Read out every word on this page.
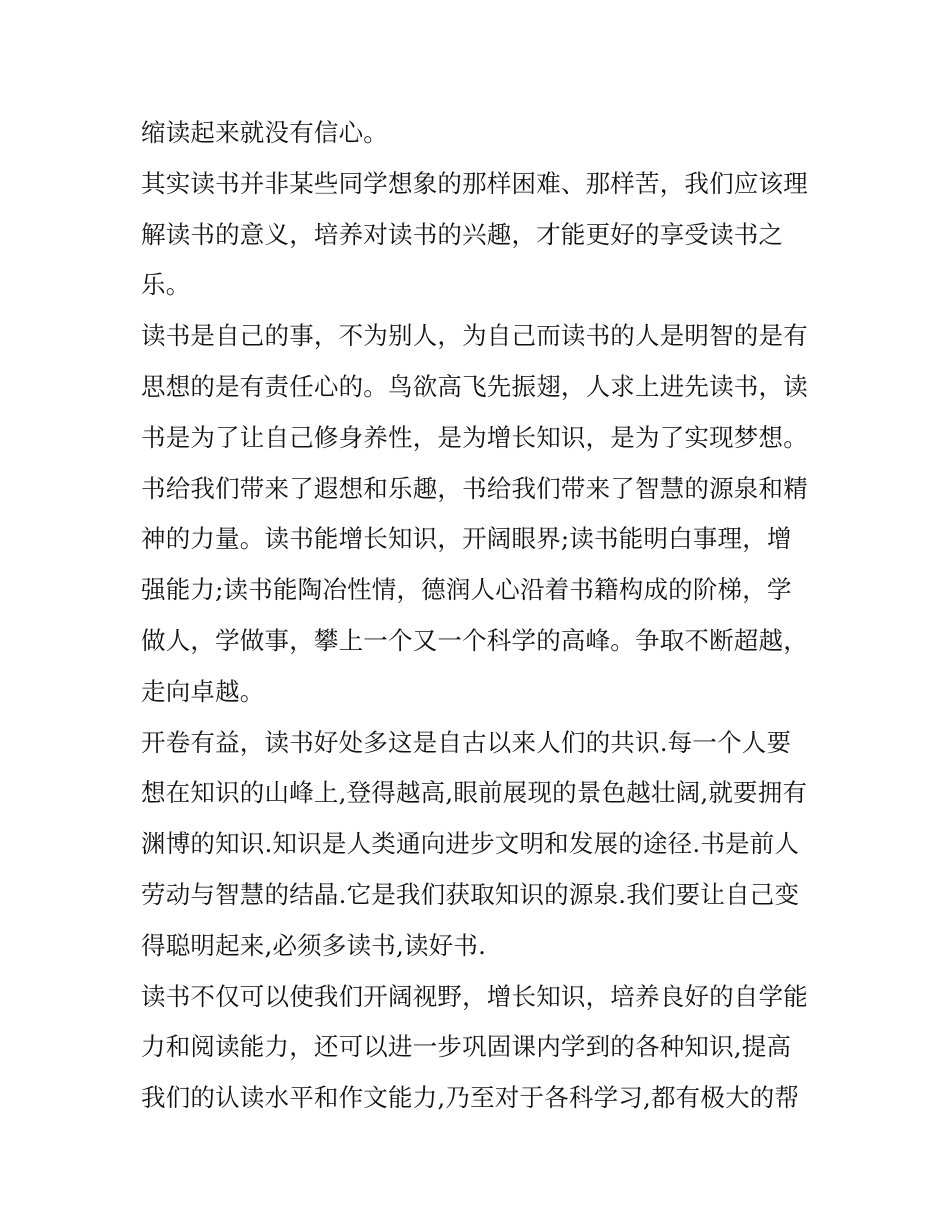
缩读起来就没有信心。
其实读书并非某些同学想象的那样困难、那样苦，我们应该理
解读书的意义，培养对读书的兴趣，才能更好的享受读书之
乐。
读书是自己的事，不为别人，为自己而读书的人是明智的是有
思想的是有责任心的。鸟欲高飞先振翅，人求上进先读书，读
书是为了让自己修身养性，是为增长知识，是为了实现梦想。
书给我们带来了遐想和乐趣，书给我们带来了智慧的源泉和精
神的力量。读书能增长知识，开阔眼界;读书能明白事理，增
强能力;读书能陶冶性情，德润人心沿着书籍构成的阶梯，学
做人，学做事，攀上一个又一个科学的高峰。争取不断超越，
走向卓越。
开卷有益，读书好处多这是自古以来人们的共识.每一个人要
想在知识的山峰上,登得越高,眼前展现的景色越壮阔,就要拥有
渊博的知识.知识是人类通向进步文明和发展的途径.书是前人
劳动与智慧的结晶.它是我们获取知识的源泉.我们要让自己变
得聪明起来,必须多读书,读好书.
读书不仅可以使我们开阔视野，增长知识，培养良好的自学能
力和阅读能力，还可以进一步巩固课内学到的各种知识,提高
我们的认读水平和作文能力,乃至对于各科学习,都有极大的帮
